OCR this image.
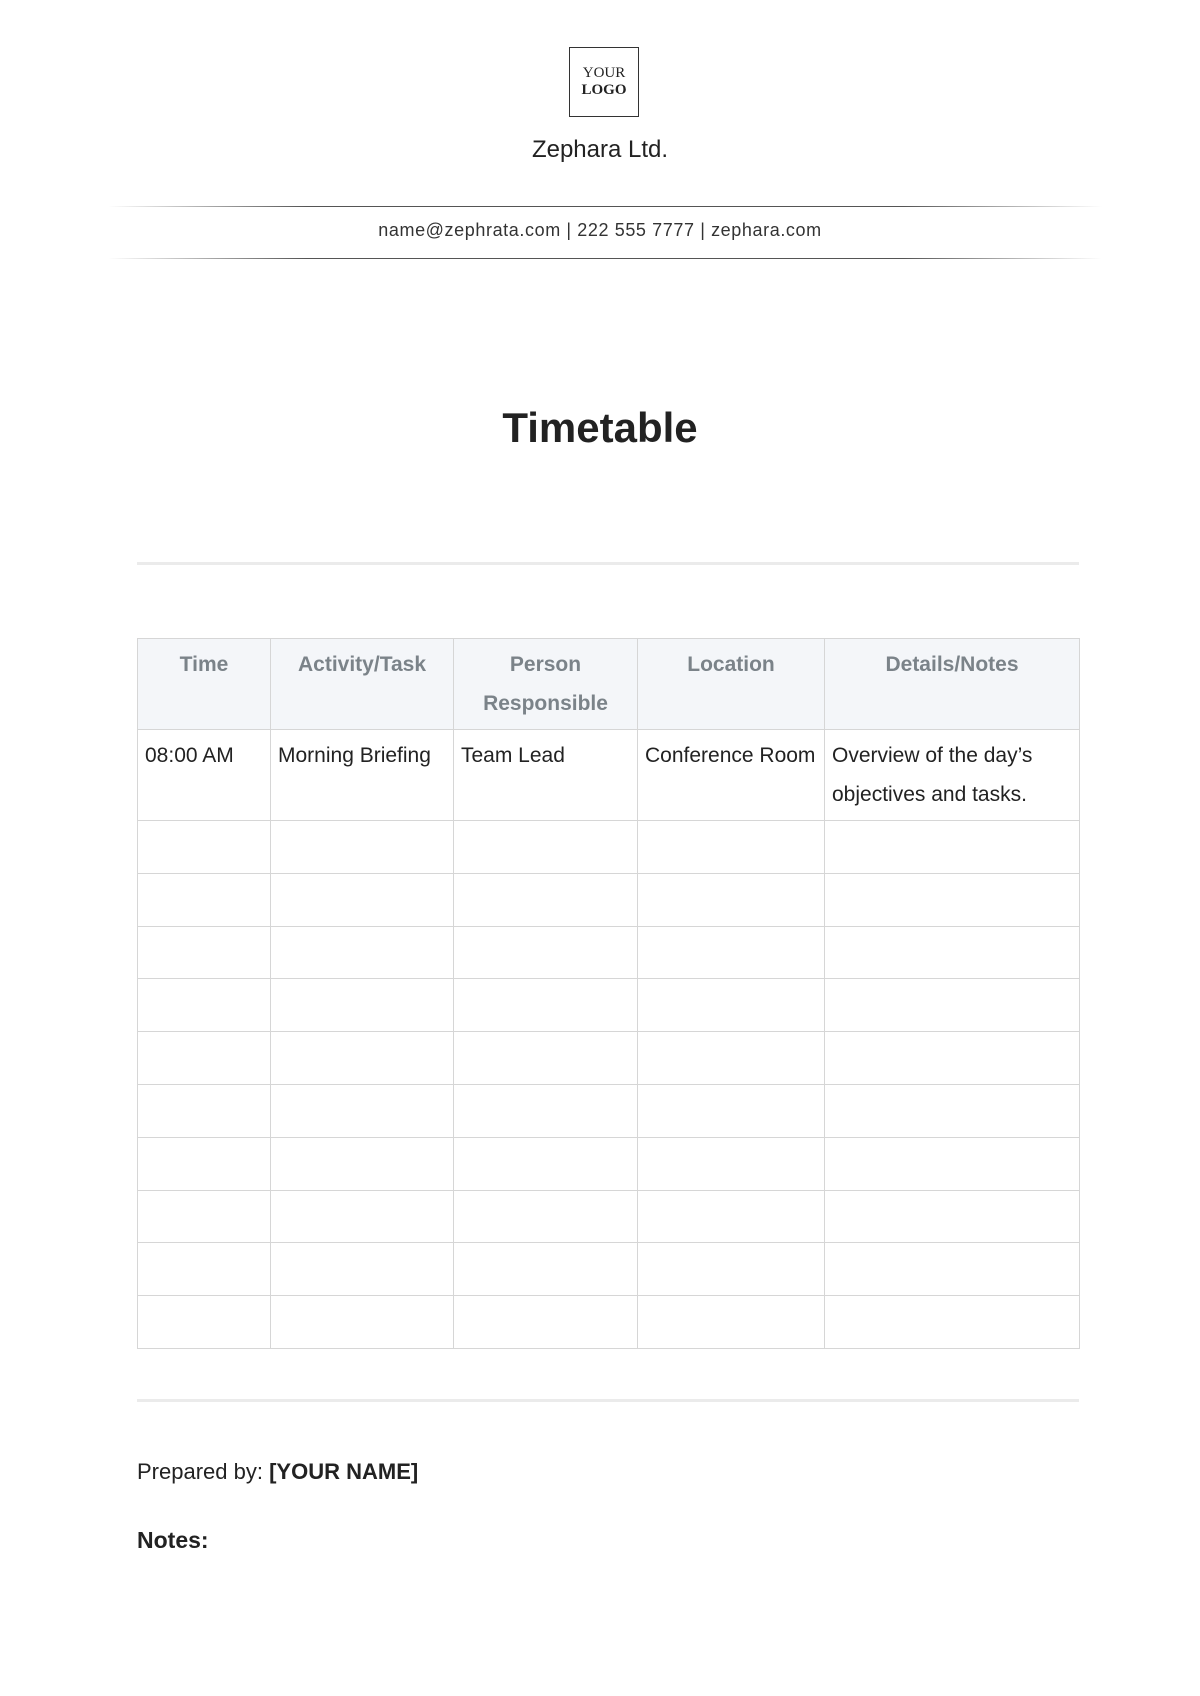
YOUR
LOGO
Zephara Ltd.
name@zephrata.com | 222 555 7777 | zephara.com
Timetable
Time	Activity/Task	Person Responsible	Location	Details/Notes
08:00 AM	Morning Briefing	Team Lead	Conference Room	Overview of the day’s objectives and tasks.

Prepared by: [YOUR NAME]
Notes:
